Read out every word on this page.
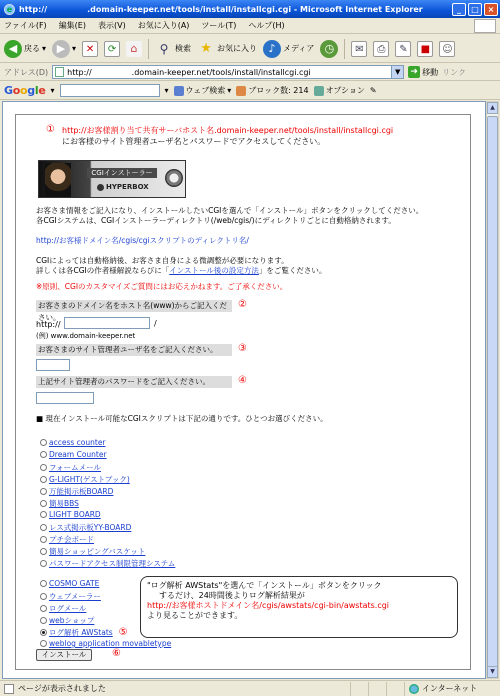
e http://　　　　　.domain-keeper.net/tools/install/installcgi.cgi - Microsoft Internet Explorer	_	□	×
ファイル(F) 編集(E) 表示(V) お気に入り(A) ツール(T) ヘルプ(H)
◀ 戻る ▾ ▶ ▾ ✕	⟳	⌂	⚲ 検索 ★ お気に入り	♪ メディア ◷	✉	⎙	✎	■	☺
アドレス(D) http://　　　　　.domain-keeper.net/tools/install/installcgi.cgi	▼	➜ 移動 リンク
Google ▾	▾ ウェブ検索 ▾ ブロック数: 214 オプション ✎
① http://お客様割り当て共有サーバホスト名.domain-keeper.net/tools/install/installcgi.cgi
にお客様のサイト管理者ユーザ名とパスワードでアクセスしてください。
CGIインストーラー
HYPERBOX
お客さま情報をご記入になり、インストールしたいCGIを選んで「インストール」ボタンをクリックしてください。
各CGIシステムは、CGIインストーラーディレクトリ(/web/cgis/)にディレクトリごとに自動格納されます。
http://お客様ドメイン名/cgis/cgiスクリプトのディレクトリ名/
CGIによっては自動格納後、お客さま自身による微調整が必要になります。
詳しくは各CGIの作者様解説ならびに「インストール後の設定方法」をご覧ください。
※原則、CGIのカスタマイズご質問にはお応えかねます。ご了承ください。
お客さまのドメイン名をホスト名(www)からご記入ください。
②
http://	/
(例) www.domain-keeper.net
お客さまのサイト管理者ユーザ名をご記入ください。	③
上記サイト管理者のパスワードをご記入ください。	④
■ 現在インストール可能なCGIスクリプトは下記の通りです。ひとつお選びください。
access counter
Dream Counter
フォームメール
G-LIGHT(ゲストブック)
万能掲示板BOARD
簡易BBS
LIGHT BOARD
レス式掲示板YY-BOARD
プチ会ボード
簡易ショッピングバスケット
パスワードアクセス制限管理システム
COSMO GATE
ウェブメーラー
ログメール
webショップ
ログ解析 AWStats ⑤
weblog application movabletype
"ログ解析 AWStats"を選んで「インストール」ボタンをクリック
するだけ、24時間後よりログ解析結果が
http://お客様ホストドメイン名/cgis/awstats/cgi-bin/awstats.cgi
より見ることができます。
インストール	⑥
▲
▼
ページが表示されました	インターネット
